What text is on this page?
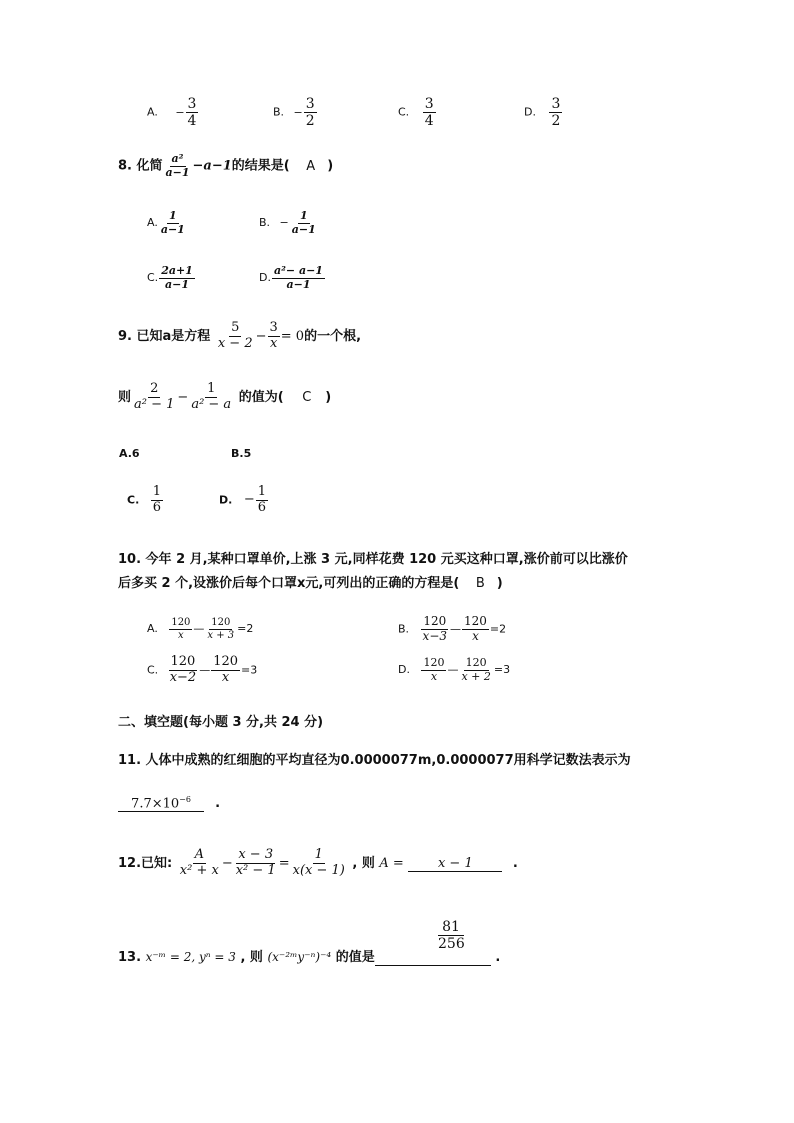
A. − $\frac{3}{4}$	B. − $\frac{3}{2}$	C. $\frac{3}{4}$	D. $\frac{3}{2}$
8. 化简 $\frac{\text{a²}}{a-1} -a-1$的结果是( A )
A. $\frac{1}{a-1}$	B. − $\frac{1}{a-1}$
C. $\frac{2a+1}{a-1}$	D. $\frac{\text{a²− a−1}}{a-1}$
9. 已知a是方程 $\frac{5}{x - 2} - \frac{3}{x} = 0$的一个根,
则 $\frac{2}{\text{a² − 1}} - \frac{1}{\text{a² − a}}$ 的值为( C )
A.6	B.5
C. $\frac{1}{6}$	D. − $\frac{1}{6}$
10. 今年 2 月,某种口罩单价,上涨 3 元,同样花费 120 元买这种口罩,涨价前可以比涨价
后多买 2 个,设涨价后每个口罩x元,可列出的正确的方程是( B )
A. $\frac{120}{x}$ — $\frac{120}{x + 3} =2$	B. $\frac{120}{x-3}$ — $\frac{120}{x} =2$
C. $\frac{120}{x-2}$ — $\frac{120}{x} =3$	D. $\frac{120}{x}$ — $\frac{120}{x + 2} =3$
二、填空题(每小题 3 分,共 24 分)
11. 人体中成熟的红细胞的平均直径为0.0000077m,0.0000077用科学记数法表示为
$7.7\times 10^{-6}$ .
12.已知: $\frac{A}{\text{x² + x}} - \frac{x - 3}{\text{x² − 1}} = \frac{1}{x(x - 1)}$ , 则 A =	x − 1	.
81
256
13. x⁻ᵐ = 2, yⁿ = 3 , 则 (x⁻²ᵐy⁻ⁿ)⁻⁴ 的值是	.
